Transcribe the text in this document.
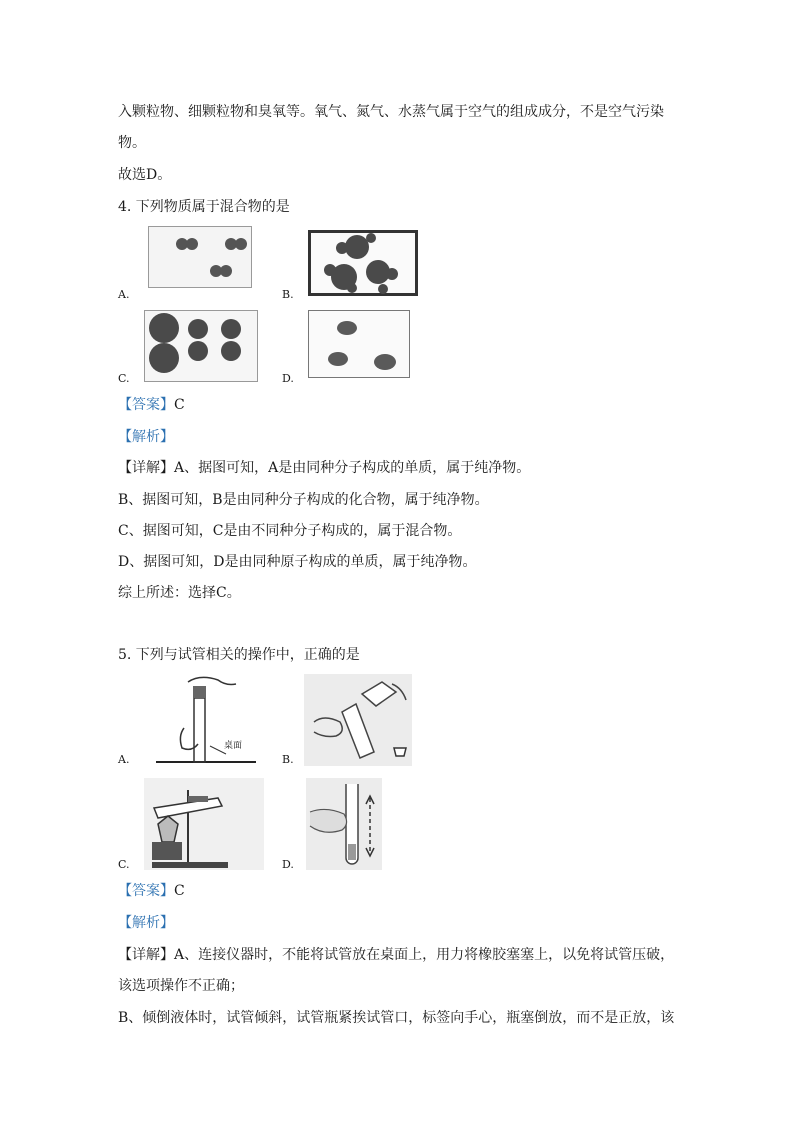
入颗粒物、细颗粒物和臭氧等。氧气、氮气、水蒸气属于空气的组成成分，不是空气污染
物。
故选D。
4. 下列物质属于混合物的是
A.	B.
C.	D.
【答案】C
【解析】
【详解】A、据图可知，A是由同种分子构成的单质，属于纯净物。
B、据图可知，B是由同种分子构成的化合物，属于纯净物。
C、据图可知，C是由不同种分子构成的，属于混合物。
D、据图可知，D是由同种原子构成的单质，属于纯净物。
综上所述：选择C。
5. 下列与试管相关的操作中，正确的是
桌面
A.	B.
C.	D.
【答案】C
【解析】
【详解】A、连接仪器时，不能将试管放在桌面上，用力将橡胶塞塞上，以免将试管压破，
该选项操作不正确；
B、倾倒液体时，试管倾斜，试管瓶紧挨试管口，标签向手心，瓶塞倒放，而不是正放，该
